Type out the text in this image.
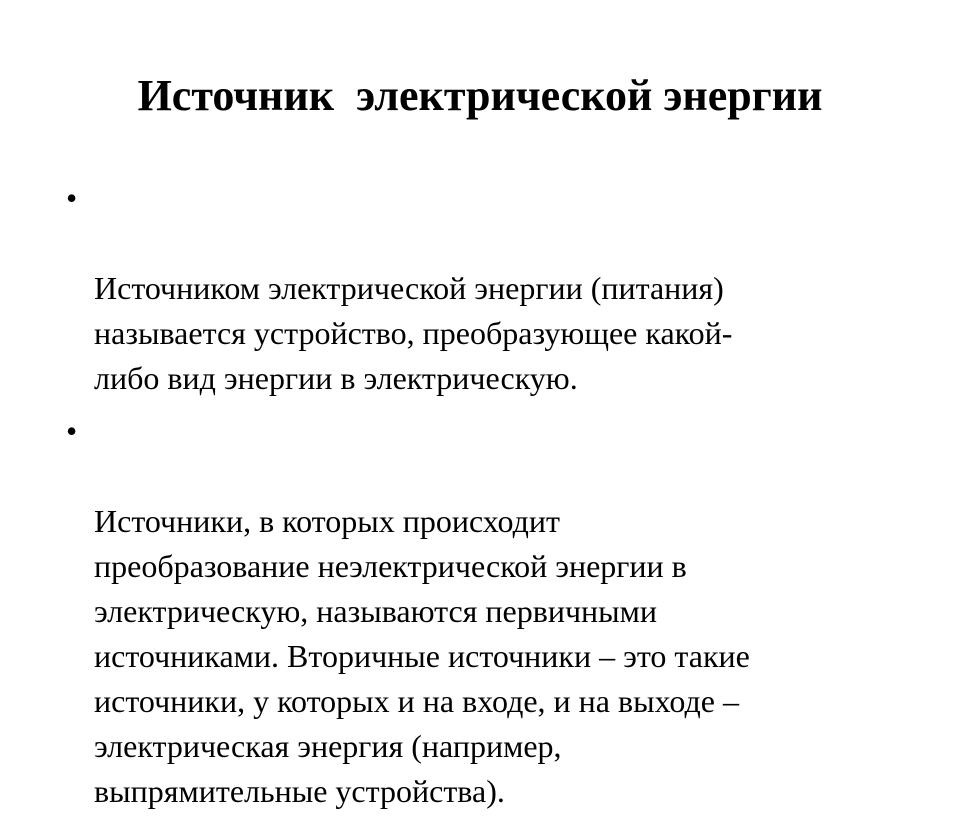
Источник  электрической энергии

•

Источником электрической энергии (питания)
называется устройство, преобразующее какой-
либо вид энергии в электрическую.

•

Источники, в которых происходит
преобразование неэлектрической энергии в
электрическую, называются первичными
источниками. Вторичные источники – это такие
источники, у которых и на входе, и на выходе –
электрическая энергия (например,
выпрямительные устройства).
